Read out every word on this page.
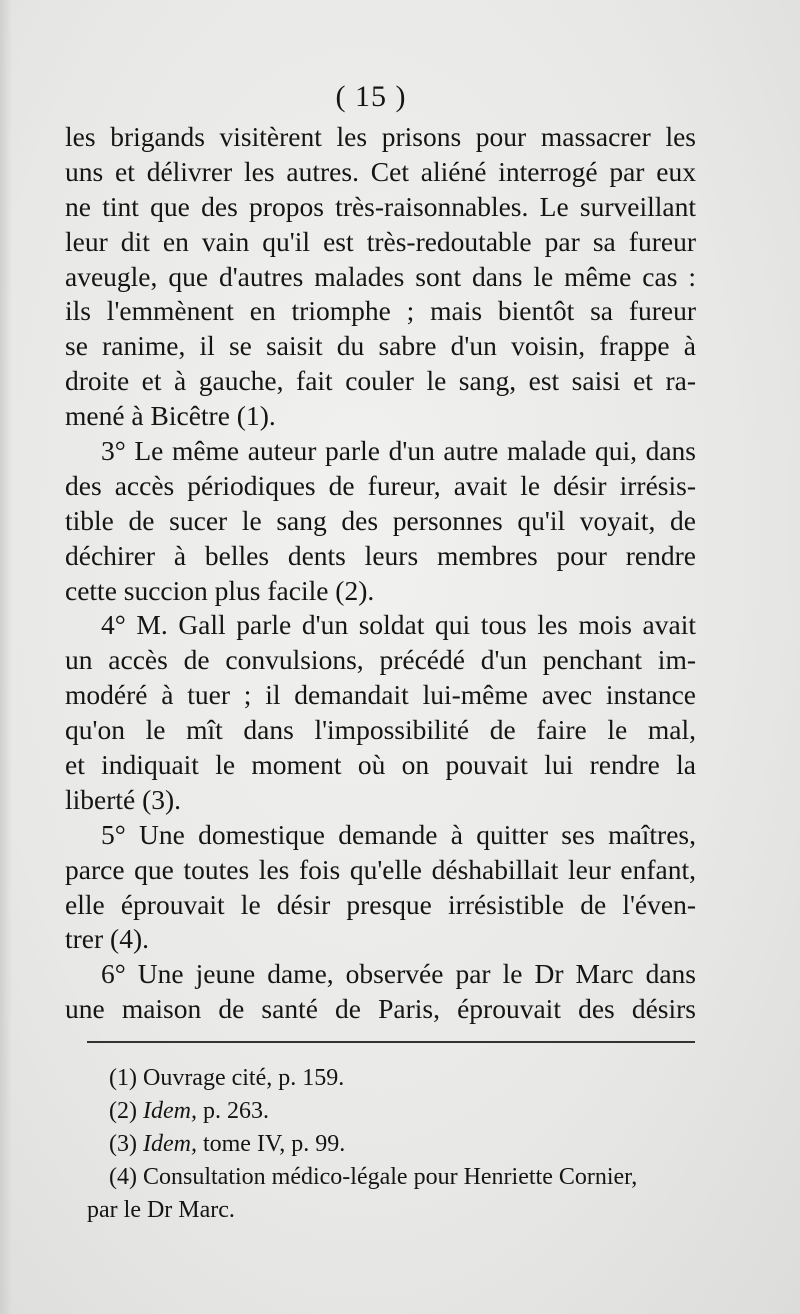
( 15 )
les brigands visitèrent les prisons pour massacrer les
uns et délivrer les autres. Cet aliéné interrogé par eux
ne tint que des propos très-raisonnables. Le surveillant
leur dit en vain qu'il est très-redoutable par sa fureur
aveugle, que d'autres malades sont dans le même cas :
ils l'emmènent en triomphe ; mais bientôt sa fureur
se ranime, il se saisit du sabre d'un voisin, frappe à
droite et à gauche, fait couler le sang, est saisi et ra-
mené à Bicêtre (1).
3° Le même auteur parle d'un autre malade qui, dans
des accès périodiques de fureur, avait le désir irrésis-
tible de sucer le sang des personnes qu'il voyait, de
déchirer à belles dents leurs membres pour rendre
cette succion plus facile (2).
4° M. Gall parle d'un soldat qui tous les mois avait
un accès de convulsions, précédé d'un penchant im-
modéré à tuer ; il demandait lui-même avec instance
qu'on le mît dans l'impossibilité de faire le mal,
et indiquait le moment où on pouvait lui rendre la
liberté (3).
5° Une domestique demande à quitter ses maîtres,
parce que toutes les fois qu'elle déshabillait leur enfant,
elle éprouvait le désir presque irrésistible de l'éven-
trer (4).
6° Une jeune dame, observée par le Dr Marc dans
une maison de santé de Paris, éprouvait des désirs
(1) Ouvrage cité, p. 159.
(2) Idem, p. 263.
(3) Idem, tome IV, p. 99.
(4) Consultation médico-légale pour Henriette Cornier,
par le Dr Marc.
